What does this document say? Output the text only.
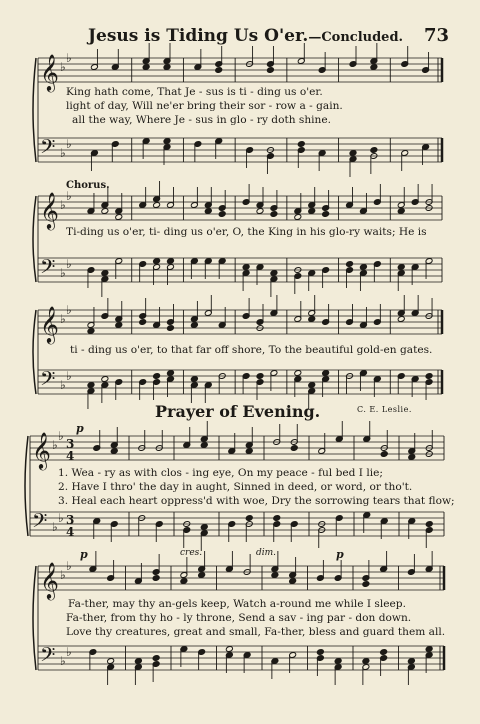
Jesus is Tiding Us O'er.—Concluded. 73
𝄞
𝄢
♭
♭
♭
♭
𝄞
𝄢
♭
♭
♭
♭
𝄞
𝄢
♭
♭
♭
♭
𝄞
𝄢
♭
♭
♭
♭
3
4
3
4
𝄞
𝄢
♭
♭
♭
♭
King hath come, That Je - sus is ti - ding us o'er.
light of day, Will ne'er bring their sor - row a - gain.
all the way, Where Je - sus in glo - ry doth shine.
Chorus.
Ti-ding us o'er, ti- ding us o'er, O, the King in his glo-ry waits; He is
ti - ding us o'er, to that far off shore, To the beautiful gold-en gates.
Prayer of Evening.	C. E. Leslie.
p
1. Wea - ry as with clos - ing eye, On my peace - ful bed I lie;
2. Have I thro' the day in aught, Sinned in deed, or word, or tho't.
3. Heal each heart oppress'd with woe, Dry the sorrowing tears that flow;
p	cres.	dim.	p
Fa-ther, may thy an-gels keep, Watch a-round me while I sleep.
Fa-ther, from thy ho - ly throne, Send a sav - ing par - don down.
Love thy creatures, great and small, Fa-ther, bless and guard them all.
